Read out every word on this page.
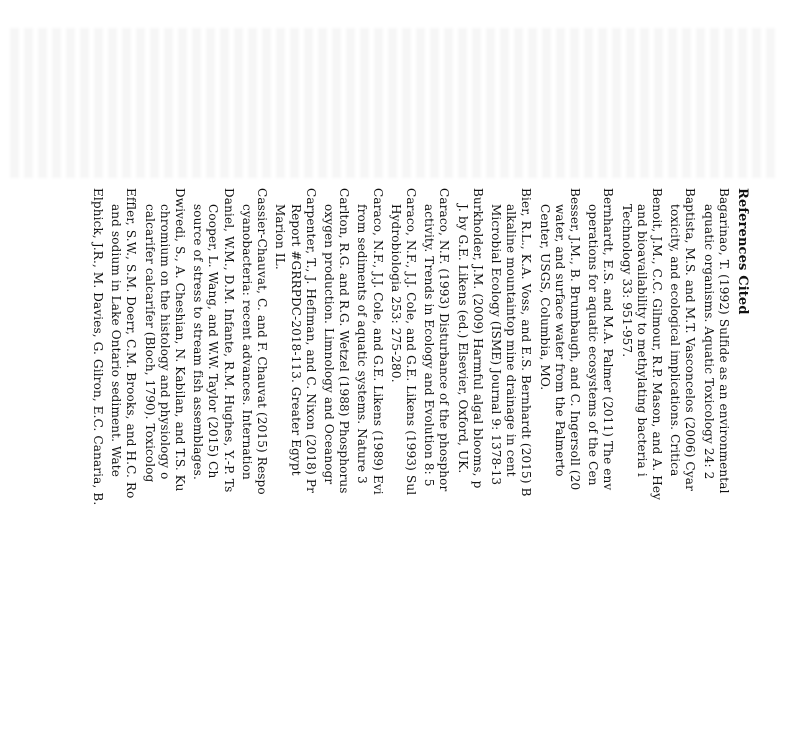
References Cited
Bagarinao, T. (1992) Sulfide as an environmental
aquatic organisms. Aquatic Toxicology 24: 2
Baptista, M.S. and M.T. Vasconcelos (2006) Cyar
toxicity, and ecological implications. Critica
Benoit, J.M., C.C. Gilmour, R.P. Mason, and A. Hey
and bioavailability to methylating bacteria i
Technology 33: 951-957.
Bernhardt, E.S. and M.A. Palmer (2011) The env
operations for aquatic ecosystems of the Cen
Besser, J.M., B. Brumbaugh, and C. Ingersoll (20
water, and surface water from the Palmerto
Center, USGS, Columbia, MO.
Bier, R.L., K.A. Voss, and E.S. Bernhardt (2015) B
alkaline mountaintop mine drainage in cent
Microbial Ecology (ISME) Journal 9: 1378-13
Burkholder, J.M. (2009) Harmful algal blooms, p
J. by G.E. Likens (ed.) Elsevier, Oxford, UK.
Caraco, N.F. (1993) Disturbance of the phosphor
activity. Trends in Ecology and Evolution 8: 5
Caraco, N.F., J.J. Cole, and G.E. Likens (1993) Sul
Hydrobiologia 253: 275-280.
Caraco, N.F., J.J. Cole, and G.E. Likens (1989) Evi
from sediments of aquatic systems. Nature 3
Carlton, R.G. and R.G. Wetzel (1988) Phosphorus
oxygen production. Limnology and Oceanogr
Carpenter, T., J. Hefiman, and C. Nixon (2018) Pr
Report #GRRPDC-2018-113. Greater Egypt
Marion IL.
Cassier-Chauvat, C. and F. Chauvat (2015) Respo
cyanobacteria: recent advances. Internation
Daniel, W.M., D.M. Infante, R.M. Hughes, Y.-P. Ts
Cooper, L. Wang, and W.W. Taylor (2015) Ch
source of stress to stream fish assemblages.
Dwivedi, S., A. Cheshian, N. Kabilan, and T.S. Ku
chromium on the histology and physiology o
calcarifer calcarifer (Bloch, 1790). Toxicolog
Effler, S.W., S.M. Doerr, C.M. Brooks, and H.C. Ro
and sodium in Lake Ontario sediment. Wate
Elphick, J.R., M. Davies, G. Gilron, E.C. Canaria, B.
